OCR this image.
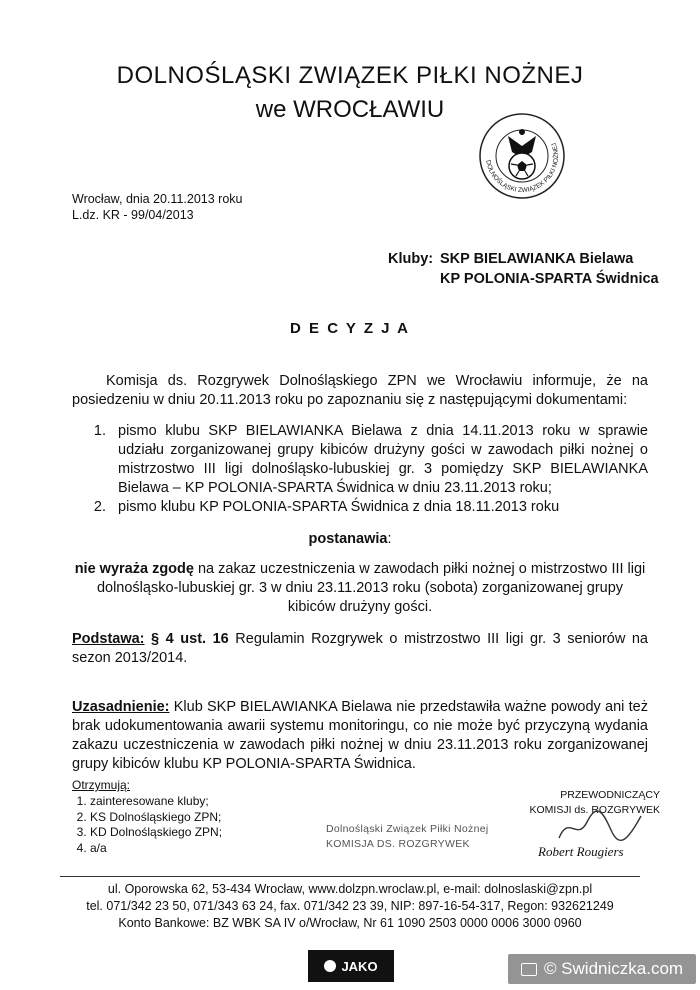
DOLNOŚLĄSKI ZWIĄZEK PIŁKI NOŻNEJ
we WROCŁAWIU
DOLNOŚLĄSKI ZWIĄZEK PIŁKI NOŻNEJ
Wrocław, dnia 20.11.2013 roku
L.dz. KR - 99/04/2013
Kluby: SKP BIELAWIANKA Bielawa
KP POLONIA-SPARTA Świdnica
D E C Y Z J A
Komisja ds. Rozgrywek Dolnośląskiego ZPN we Wrocławiu informuje, że na posiedzeniu w dniu 20.11.2013 roku po zapoznaniu się z następującymi dokumentami:
1. pismo klubu SKP BIELAWIANKA Bielawa z dnia 14.11.2013 roku w sprawie udziału zorganizowanej grupy kibiców drużyny gości w zawodach piłki nożnej o mistrzostwo III ligi dolnośląsko-lubuskiej gr. 3 pomiędzy SKP BIELAWIANKA Bielawa – KP POLONIA-SPARTA Świdnica w dniu 23.11.2013 roku;
2. pismo klubu KP POLONIA-SPARTA Świdnica z dnia 18.11.2013 roku
postanawia:
nie wyraża zgodę na zakaz uczestniczenia w zawodach piłki nożnej o mistrzostwo III ligi dolnośląsko-lubuskiej gr. 3 w dniu 23.11.2013 roku (sobota) zorganizowanej grupy kibiców drużyny gości.
Podstawa: § 4 ust. 16 Regulamin Rozgrywek o mistrzostwo III ligi gr. 3 seniorów na sezon 2013/2014.
Uzasadnienie: Klub SKP BIELAWIANKA Bielawa nie przedstawiła ważne powody ani też brak udokumentowania awarii systemu monitoringu, co nie może być przyczyną wydania zakazu uczestniczenia w zawodach piłki nożnej w dniu 23.11.2013 roku zorganizowanej grupy kibiców klubu KP POLONIA-SPARTA Świdnica.
Otrzymują:
1. zainteresowane kluby;
2. KS Dolnośląskiego ZPN;
3. KD Dolnośląskiego ZPN;
4. a/a
Dolnośląski Związek Piłki Nożnej
KOMISJA DS. ROZGRYWEK
PRZEWODNICZĄCY
KOMISJI ds. ROZGRYWEK
Robert Rougiers
ul. Oporowska 62, 53-434 Wrocław, www.dolzpn.wroclaw.pl, e-mail: dolnoslaski@zpn.pl
tel. 071/342 23 50, 071/343 63 24, fax. 071/342 23 39, NIP: 897-16-54-317, Regon: 932621249
Konto Bankowe: BZ WBK SA IV o/Wrocław, Nr 61 1090 2503 0000 0006 3000 0960
JAKO	© Swidniczka.com
